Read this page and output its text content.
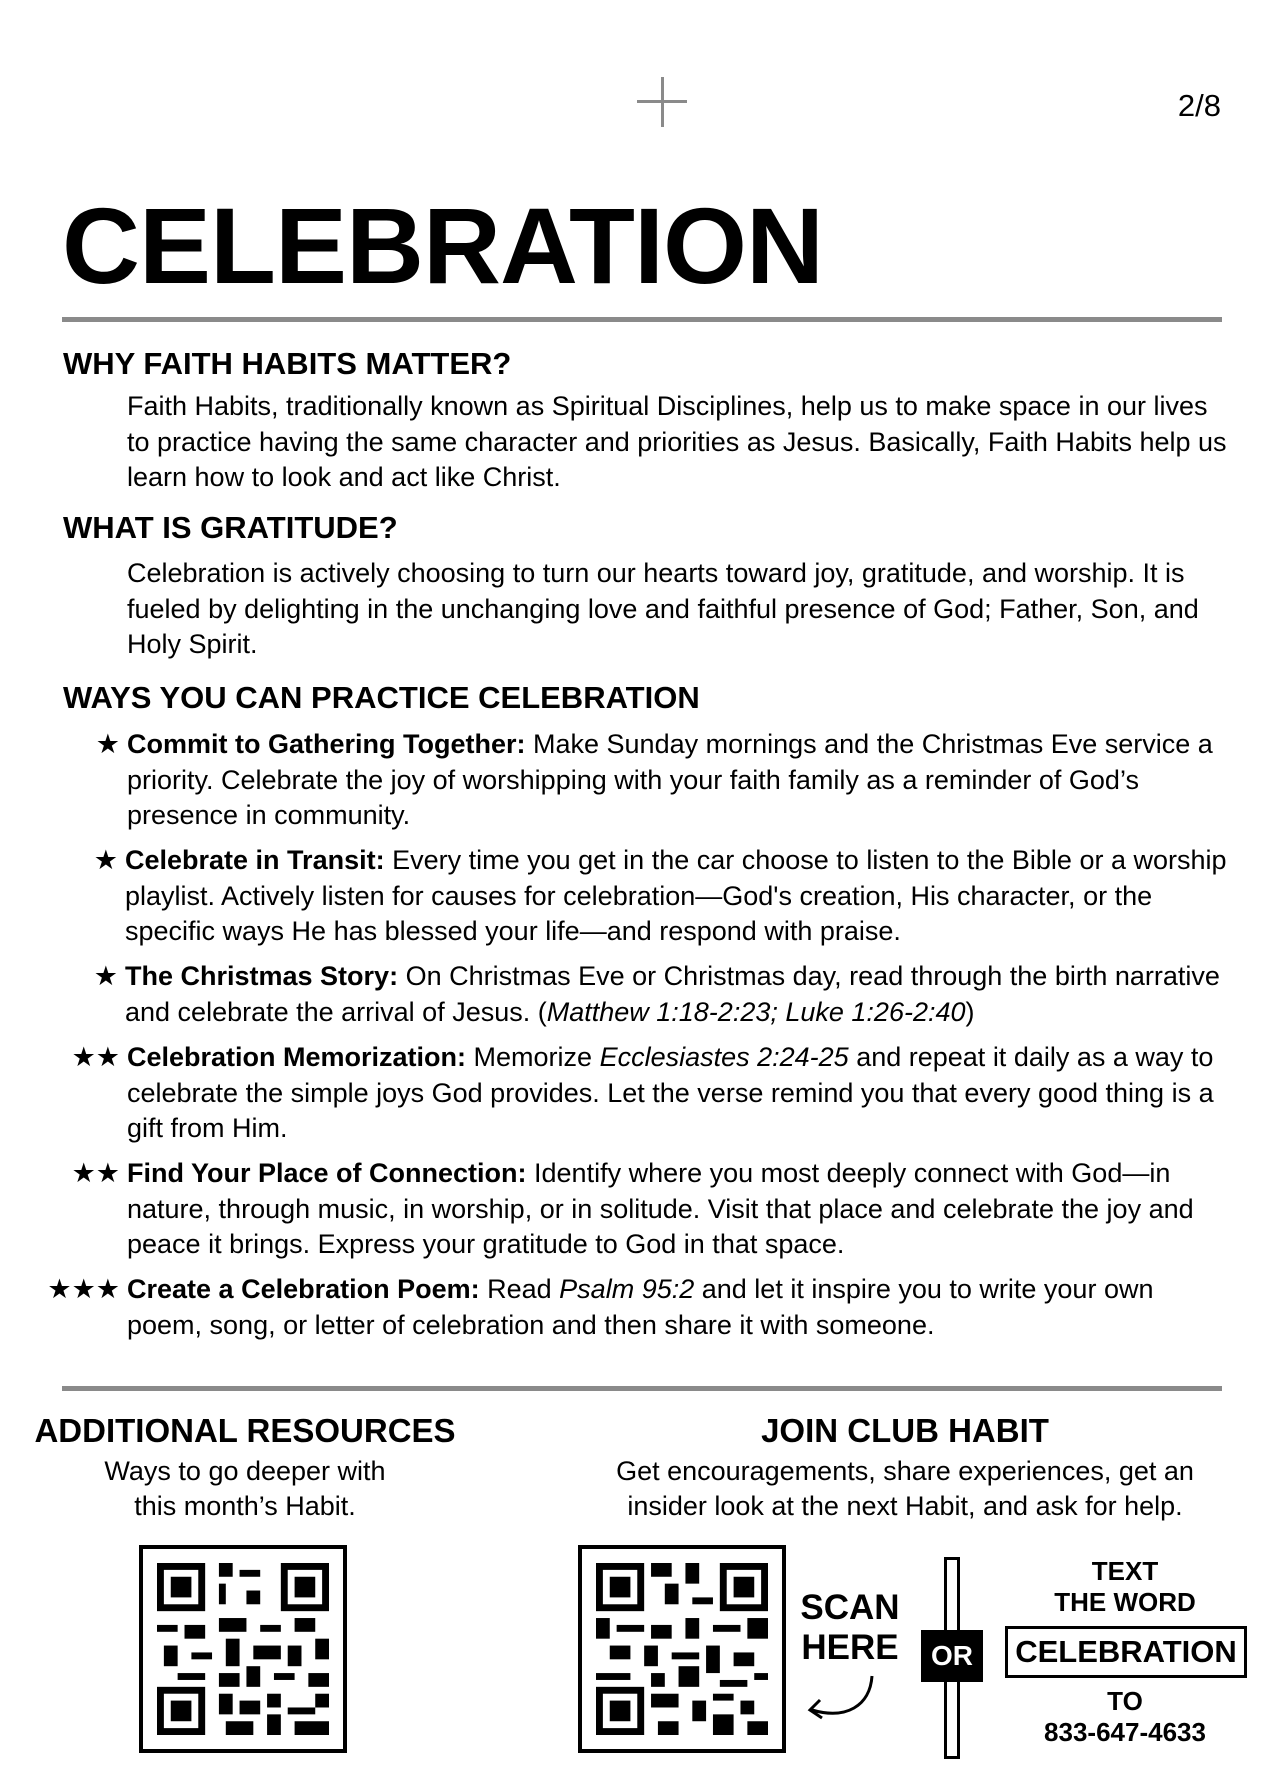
2/8
CELEBRATION
WHY FAITH HABITS MATTER?
Faith Habits, traditionally known as Spiritual Disciplines, help us to make space in our lives to practice having the same character and priorities as Jesus. Basically, Faith Habits help us learn how to look and act like Christ.
WHAT IS GRATITUDE?
Celebration is actively choosing to turn our hearts toward joy, gratitude, and worship. It is fueled by delighting in the unchanging love and faithful presence of God; Father, Son, and Holy Spirit.
WAYS YOU CAN PRACTICE CELEBRATION
★ Commit to Gathering Together: Make Sunday mornings and the Christmas Eve service a priority. Celebrate the joy of worshipping with your faith family as a reminder of God’s presence in community.
★ Celebrate in Transit: Every time you get in the car choose to listen to the Bible or a worship playlist. Actively listen for causes for celebration—God's creation, His character, or the specific ways He has blessed your life—and respond with praise.
★ The Christmas Story: On Christmas Eve or Christmas day, read through the birth narrative and celebrate the arrival of Jesus. (Matthew 1:18-2:23; Luke 1:26-2:40)
★★ Celebration Memorization: Memorize Ecclesiastes 2:24-25 and repeat it daily as a way to celebrate the simple joys God provides. Let the verse remind you that every good thing is a gift from Him.
★★ Find Your Place of Connection: Identify where you most deeply connect with God—in nature, through music, in worship, or in solitude. Visit that place and celebrate the joy and peace it brings. Express your gratitude to God in that space.
★★★ Create a Celebration Poem: Read Psalm 95:2 and let it inspire you to write your own poem, song, or letter of celebration and then share it with someone.
ADDITIONAL RESOURCES
Ways to go deeper with
this month’s Habit.
JOIN CLUB HABIT
Get encouragements, share experiences, get an
insider look at the next Habit, and ask for help.
SCAN
HERE	OR
TEXT
THE WORD
CELEBRATION
TO
833-647-4633
